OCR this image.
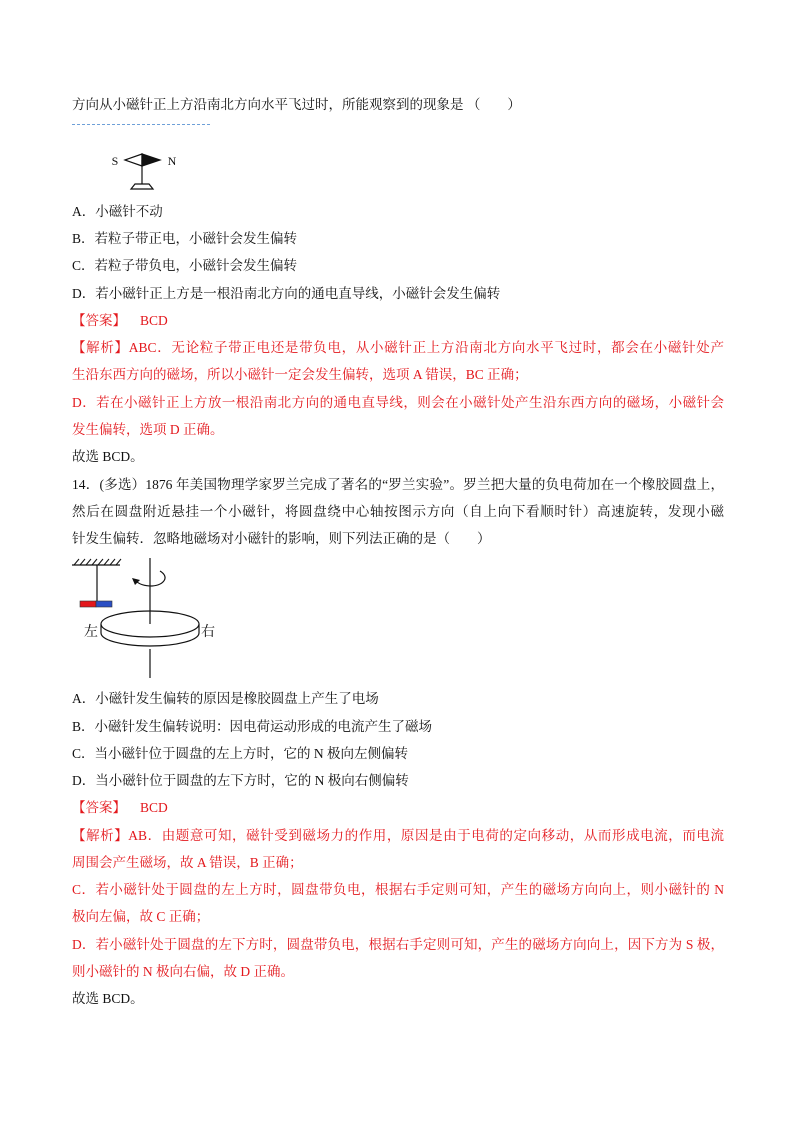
方向从小磁针正上方沿南北方向水平飞过时，所能观察到的现象是 （　　）
S	N
A．小磁针不动
B．若粒子带正电，小磁针会发生偏转
C．若粒子带负电，小磁针会发生偏转
D．若小磁针正上方是一根沿南北方向的通电直导线，小磁针会发生偏转
【答案】 BCD
【解析】ABC．无论粒子带正电还是带负电，从小磁针正上方沿南北方向水平飞过时，都会在小磁针处产
生沿东西方向的磁场，所以小磁针一定会发生偏转，选项 A 错误，BC 正确；
D．若在小磁针正上方放一根沿南北方向的通电直导线，则会在小磁针处产生沿东西方向的磁场，小磁针会
发生偏转，选项 D 正确。
故选 BCD。
14．(多选）1876 年美国物理学家罗兰完成了著名的“罗兰实验”。罗兰把大量的负电荷加在一个橡胶圆盘上，
然后在圆盘附近悬挂一个小磁针，将圆盘绕中心轴按图示方向（自上向下看顺时针）高速旋转，发现小磁
针发生偏转．忽略地磁场对小磁针的影响，则下列法正确的是（　　）
左	右
A．小磁针发生偏转的原因是橡胶圆盘上产生了电场
B．小磁针发生偏转说明：因电荷运动形成的电流产生了磁场
C．当小磁针位于圆盘的左上方时，它的 N 极向左侧偏转
D．当小磁针位于圆盘的左下方时，它的 N 极向右侧偏转
【答案】 BCD
【解析】AB．由题意可知，磁针受到磁场力的作用，原因是由于电荷的定向移动，从而形成电流，而电流
周围会产生磁场，故 A 错误，B 正确；
C．若小磁针处于圆盘的左上方时，圆盘带负电，根据右手定则可知，产生的磁场方向向上，则小磁针的 N
极向左偏，故 C 正确；
D．若小磁针处于圆盘的左下方时，圆盘带负电，根据右手定则可知，产生的磁场方向向上，因下方为 S 极，
则小磁针的 N 极向右偏，故 D 正确。
故选 BCD。
